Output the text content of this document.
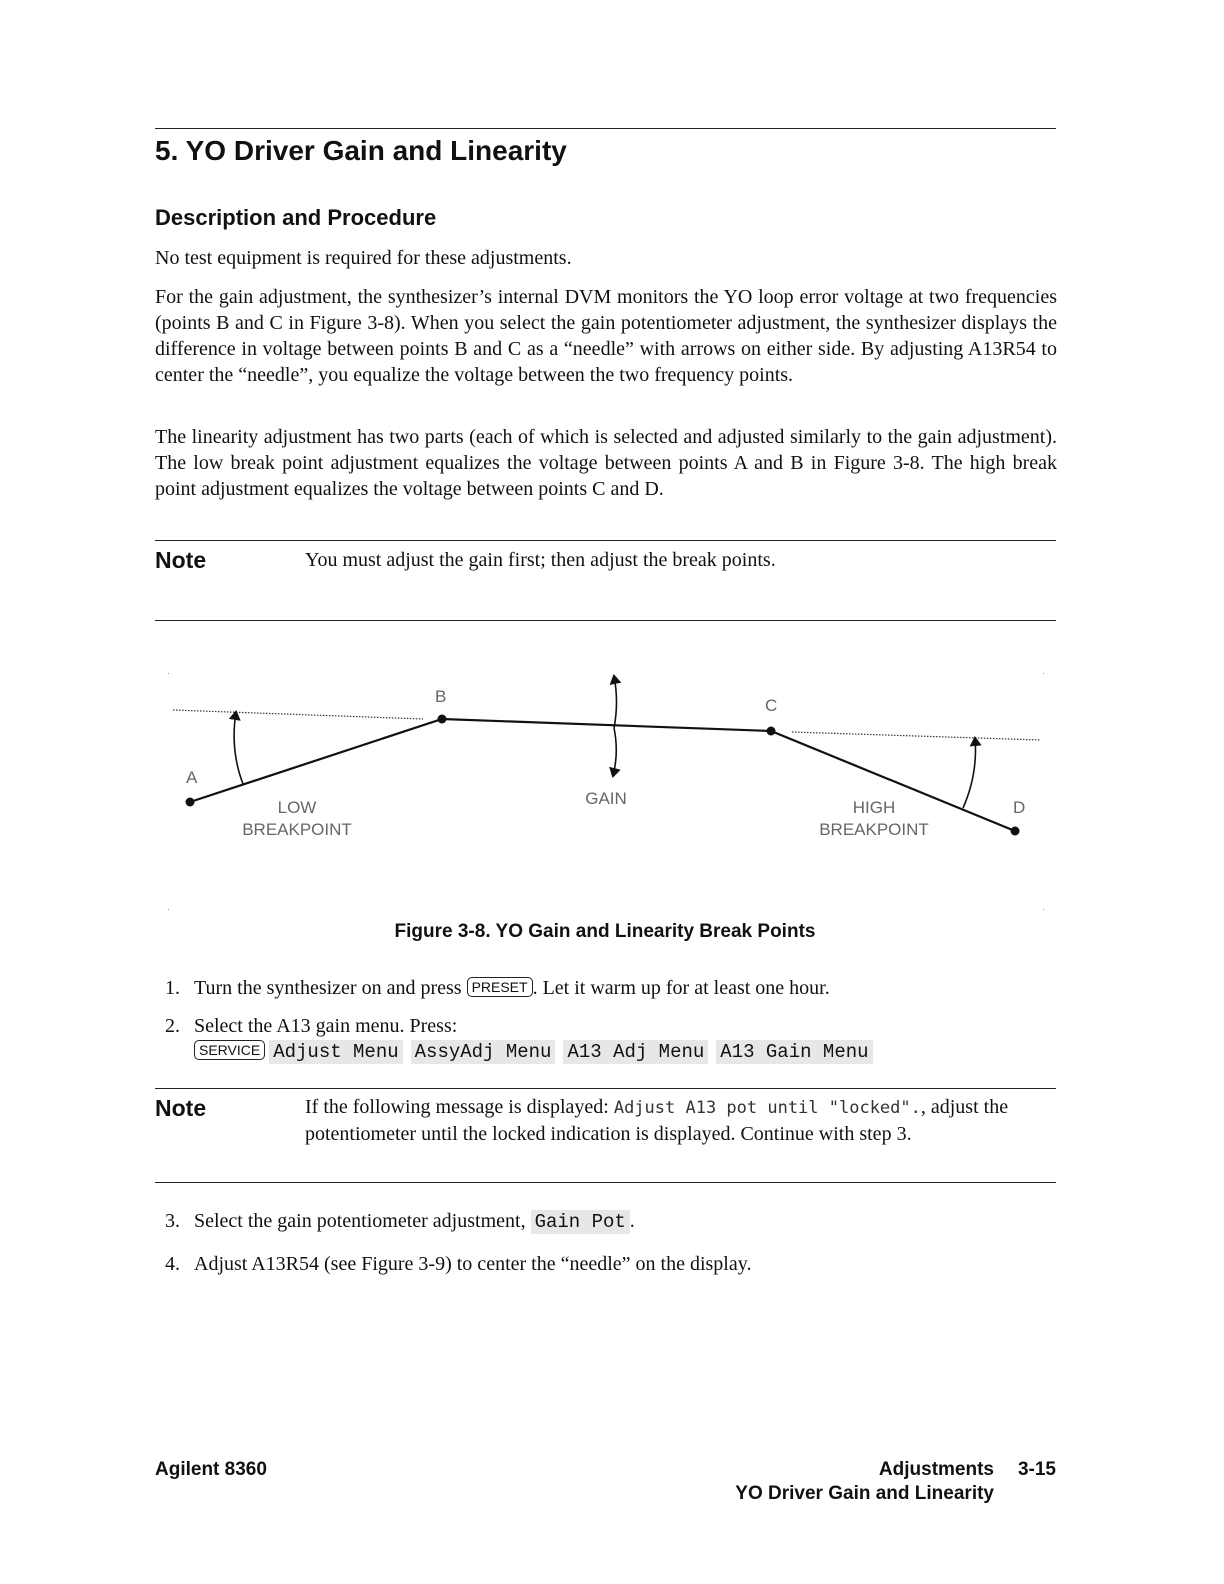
5. YO Driver Gain and Linearity
Description and Procedure
No test equipment is required for these adjustments.
For the gain adjustment, the synthesizer’s internal DVM monitors the YO loop error voltage at two frequencies (points B and C in Figure 3-8). When you select the gain potentiometer adjustment, the synthesizer displays the difference in voltage between points B and C as a “needle” with arrows on either side. By adjusting A13R54 to center the “needle”, you equalize the voltage between the two frequency points.
The linearity adjustment has two parts (each of which is selected and adjusted similarly to the gain adjustment). The low break point adjustment equalizes the voltage between points A and B in Figure 3-8. The high break point adjustment equalizes the voltage between points C and D.
Note	You must adjust the gain first; then adjust the break points.
A
B	C
D
LOW
BREAKPOINT
GAIN	HIGH
BREAKPOINT
Figure 3-8. YO Gain and Linearity Break Points
1. Turn the synthesizer on and press PRESET . Let it warm up for at least one hour.
2. Select the A13 gain menu. Press:
SERVICE Adjust Menu AssyAdj Menu A13 Adj Menu A13 Gain Menu
Note	If the following message is displayed: Adjust A13 pot until "locked"., adjust the potentiometer until the locked indication is displayed. Continue with step 3.
3. Select the gain potentiometer adjustment, Gain Pot .
4. Adjust A13R54 (see Figure 3-9) to center the “needle” on the display.
Agilent 8360	Adjustments	3-15
YO Driver Gain and Linearity
